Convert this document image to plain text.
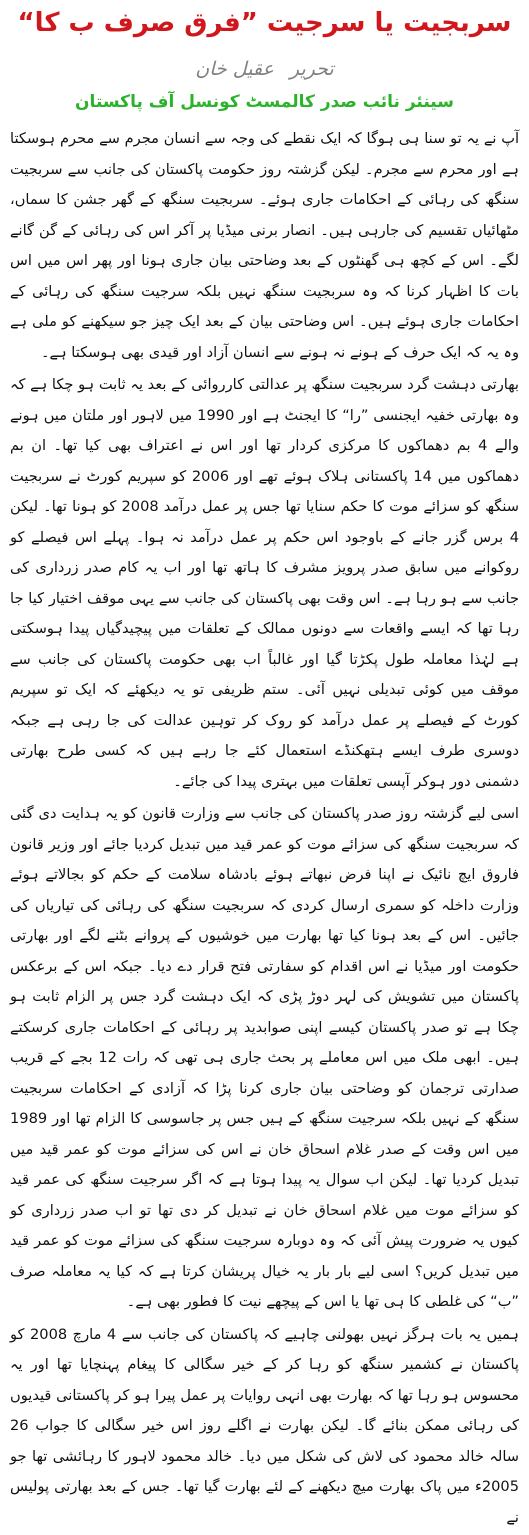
سربجیت یا سرجیت ”فرق صرف ب کا“
تحریرعقیل خان
سینئر نائب صدر کالمسٹ کونسل آف پاکستان

آپ نے یہ تو سنا ہی ہوگا کہ ایک نقطے کی وجہ سے انسان مجرم سے محرم ہوسکتا ہے اور محرم سے مجرم۔ لیکن گزشتہ روز حکومت پاکستان کی جانب سے سربجیت سنگھ کی رہائی کے احکامات جاری ہوئے۔ سربجیت سنگھ کے گھر جشن کا سماں، مٹھائیاں تقسیم کی جارہی ہیں۔ انصار برنی میڈیا پر آکر اس کی رہائی کے گن گانے لگے۔ اس کے کچھ ہی گھنٹوں کے بعد وضاحتی بیان جاری ہونا اور پھر اس میں اس بات کا اظہار کرنا کہ وہ سربجیت سنگھ نہیں بلکہ سرجیت سنگھ کی رہائی کے احکامات جاری ہوئے ہیں۔ اس وضاحتی بیان کے بعد ایک چیز جو سیکھنے کو ملی ہے وہ یہ کہ ایک حرف کے ہونے نہ ہونے سے انسان آزاد اور قیدی بھی ہوسکتا ہے۔

بھارتی دہشت گرد سربجیت سنگھ پر عدالتی کارروائی کے بعد یہ ثابت ہو چکا ہے کہ وہ بھارتی خفیہ ایجنسی ”را“ کا ایجنٹ ہے اور 1990 میں لاہور اور ملتان میں ہونے والے 4 بم دھماکوں کا مرکزی کردار تھا اور اس نے اعتراف بھی کیا تھا۔ ان بم دھماکوں میں 14 پاکستانی ہلاک ہوئے تھے اور 2006 کو سپریم کورٹ نے سربجیت سنگھ کو سزائے موت کا حکم سنایا تھا جس پر عمل درآمد 2008 کو ہونا تھا۔ لیکن 4 برس گزر جانے کے باوجود اس حکم پر عمل درآمد نہ ہوا۔ پہلے اس فیصلے کو روکوانے میں سابق صدر پرویز مشرف کا ہاتھ تھا اور اب یہ کام صدر زرداری کی جانب سے ہو رہا ہے۔ اس وقت بھی پاکستان کی جانب سے یہی موقف اختیار کیا جا رہا تھا کہ ایسے واقعات سے دونوں ممالک کے تعلقات میں پیچیدگیاں پیدا ہوسکتی ہے لہٰذا معاملہ طول پکڑتا گیا اور غالباً اب بھی حکومت پاکستان کی جانب سے موقف میں کوئی تبدیلی نہیں آئی۔ ستم ظریفی تو یہ دیکھئے کہ ایک تو سپریم کورٹ کے فیصلے پر عمل درآمد کو روک کر توہین عدالت کی جا رہی ہے جبکہ دوسری طرف ایسے ہتھکنڈے استعمال کئے جا رہے ہیں کہ کسی طرح بھارتی دشمنی دور ہوکر آپسی تعلقات میں بہتری پیدا کی جائے۔

اسی لیے گزشتہ روز صدر پاکستان کی جانب سے وزارت قانون کو یہ ہدایت دی گئی کہ سربجیت سنگھ کی سزائے موت کو عمر قید میں تبدیل کردیا جائے اور وزیر قانون فاروق ایچ نائیک نے اپنا فرض نبھاتے ہوئے بادشاہ سلامت کے حکم کو بجالاتے ہوئے وزارت داخلہ کو سمری ارسال کردی کہ سربجیت سنگھ کی رہائی کی تیاریاں کی جائیں۔ اس کے بعد ہونا کیا تھا بھارت میں خوشیوں کے پروانے بٹنے لگے اور بھارتی حکومت اور میڈیا نے اس اقدام کو سفارتی فتح قرار دے دیا۔ جبکہ اس کے برعکس پاکستان میں تشویش کی لہر دوڑ پڑی کہ ایک دہشت گرد جس پر الزام ثابت ہو چکا ہے تو صدر پاکستان کیسے اپنی صوابدید پر رہائی کے احکامات جاری کرسکتے ہیں۔ ابھی ملک میں اس معاملے پر بحث جاری ہی تھی کہ رات 12 بجے کے قریب صدارتی ترجمان کو وضاحتی بیان جاری کرنا پڑا کہ آزادی کے احکامات سربجیت سنگھ کے نہیں بلکہ سرجیت سنگھ کے ہیں جس پر جاسوسی کا الزام تھا اور 1989 میں اس وقت کے صدر غلام اسحاق خان نے اس کی سزائے موت کو عمر قید میں تبدیل کردیا تھا۔ لیکن اب سوال یہ پیدا ہوتا ہے کہ اگر سرجیت سنگھ کی عمر قید کو سزائے موت میں غلام اسحاق خان نے تبدیل کر دی تھا تو اب صدر زرداری کو کیوں یہ ضرورت پیش آئی کہ وہ دوبارہ سرجیت سنگھ کی سزائے موت کو عمر قید میں تبدیل کریں؟ اسی لیے بار بار یہ خیال پریشان کرتا ہے کہ کیا یہ معاملہ صرف ”ب“ کی غلطی کا ہی تھا یا اس کے پیچھے نیت کا فطور بھی ہے۔

ہمیں یہ بات ہرگز نہیں بھولنی چاہیے کہ پاکستان کی جانب سے 4 مارچ 2008 کو پاکستان نے کشمیر سنگھ کو رہا کر کے خیر سگالی کا پیغام پہنچایا تھا اور یہ محسوس ہو رہا تھا کہ بھارت بھی انہی روایات پر عمل پیرا ہو کر پاکستانی قیدیوں کی رہائی ممکن بنائے گا۔ لیکن بھارت نے اگلے روز اس خیر سگالی کا جواب 26 سالہ خالد محمود کی لاش کی شکل میں دیا۔ خالد محمود لاہور کا رہائشی تھا جو 2005ء میں پاک بھارت میچ دیکھنے کے لئے بھارت گیا تھا۔ جس کے بعد بھارتی پولیس نے
